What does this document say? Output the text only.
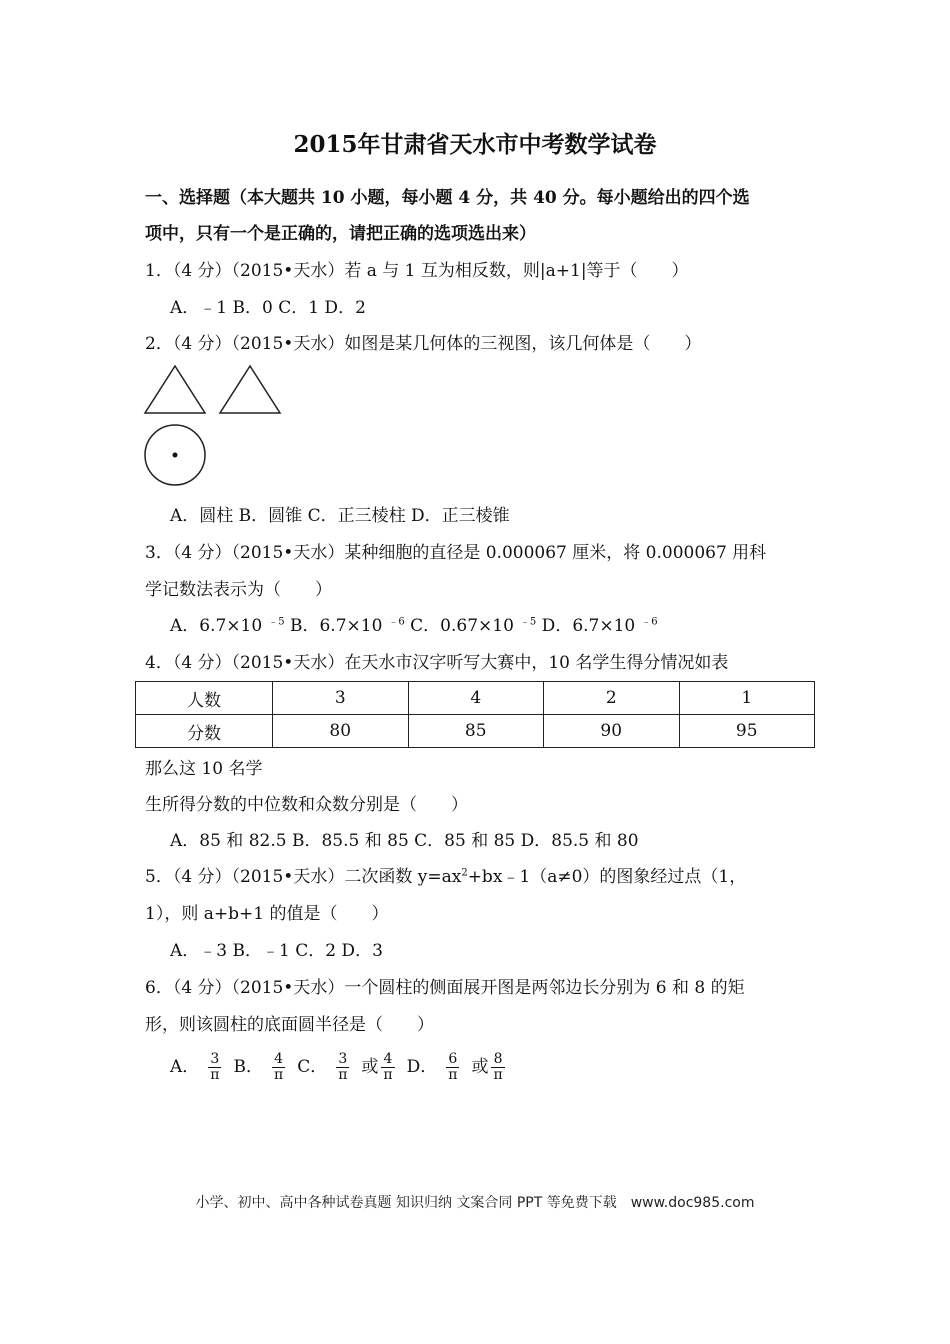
2015年甘肃省天水市中考数学试卷
一、选择题（本大题共 10 小题，每小题 4 分，共 40 分。每小题给出的四个选
项中，只有一个是正确的，请把正确的选项选出来）
1．（4 分）（2015•天水）若 a 与 1 互为相反数，则|a+1|等于（　　）
A．﹣1 B．0 C．1 D．2
2．（4 分）（2015•天水）如图是某几何体的三视图，该几何体是（　　）
A．圆柱 B．圆锥 C．正三棱柱 D．正三棱锥
3．（4 分）（2015•天水）某种细胞的直径是 0.000067 厘米，将 0.000067 用科
学记数法表示为（　　）
A．6.7×10 $^{﹣5}$ B．6.7×10 $^{﹣6}$ C．0.67×10 $^{﹣5}$ D．6.7×10 $^{﹣6}$
4．（4 分）（2015•天水）在天水市汉字听写大赛中，10 名学生得分情况如表
人数	3	4	2	1
分数	80	85	90	95
那么这 10 名学
生所得分数的中位数和众数分别是（　　）
A．85 和 82.5 B．85.5 和 85 C．85 和 85 D．85.5 和 80
5．（4 分）（2015•天水）二次函数 $y=ax^2+bx﹣1(a\ne 0)$的图象经过点（1，
1），则 a+b+1 的值是（　　）
A．﹣3 B．﹣1 C．2 D．3
6．（4 分）（2015•天水）一个圆柱的侧面展开图是两邻边长分别为 6 和 8 的矩
形，则该圆柱的底面圆半径是（　　）
A． $\frac{3}{\pi}$ B． $\frac{4}{\pi}$ C． $\frac{3}{\pi}$ 或 $\frac{4}{\pi}$ D． $\frac{6}{\pi}$ 或 $\frac{8}{\pi}$
小学、初中、高中各种试卷真题 知识归纳 文案合同 PPT 等免费下载　www.doc985.com
